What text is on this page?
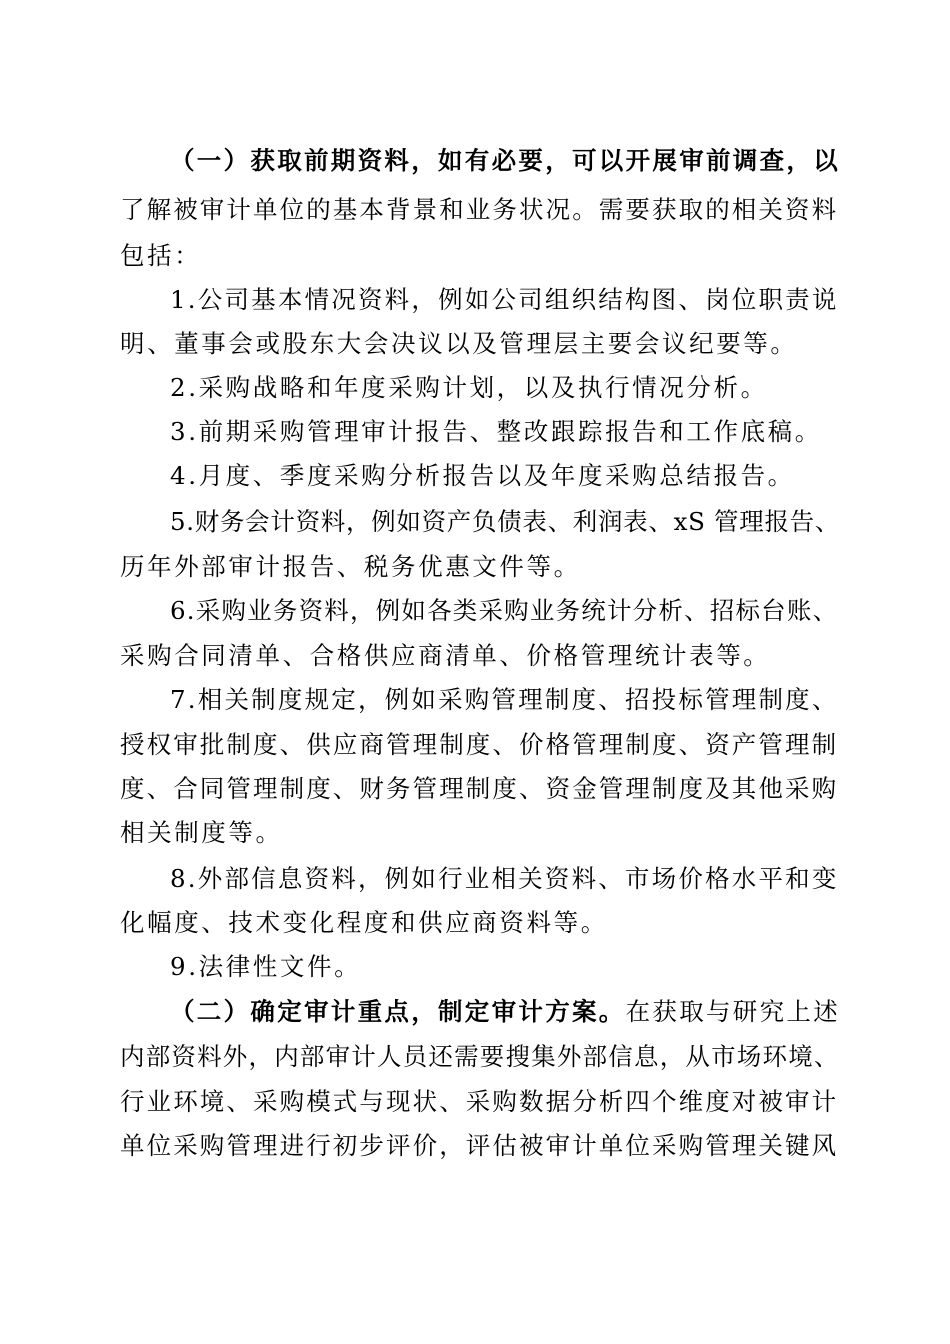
（一）获取前期资料，如有必要，可以开展审前调查，以
了解被审计单位的基本背景和业务状况。需要获取的相关资料
包括：
1.公司基本情况资料，例如公司组织结构图、岗位职责说
明、董事会或股东大会决议以及管理层主要会议纪要等。
2.采购战略和年度采购计划，以及执行情况分析。
3.前期采购管理审计报告、整改跟踪报告和工作底稿。
4.月度、季度采购分析报告以及年度采购总结报告。
5.财务会计资料，例如资产负债表、利润表、xS 管理报告、
历年外部审计报告、税务优惠文件等。
6.采购业务资料，例如各类采购业务统计分析、招标台账、
采购合同清单、合格供应商清单、价格管理统计表等。
7.相关制度规定，例如采购管理制度、招投标管理制度、
授权审批制度、供应商管理制度、价格管理制度、资产管理制
度、合同管理制度、财务管理制度、资金管理制度及其他采购
相关制度等。
8.外部信息资料，例如行业相关资料、市场价格水平和变
化幅度、技术变化程度和供应商资料等。
9.法律性文件。
（二）确定审计重点，制定审计方案。在获取与研究上述
内部资料外，内部审计人员还需要搜集外部信息，从市场环境、
行业环境、采购模式与现状、采购数据分析四个维度对被审计
单位采购管理进行初步评价，评估被审计单位采购管理关键风
